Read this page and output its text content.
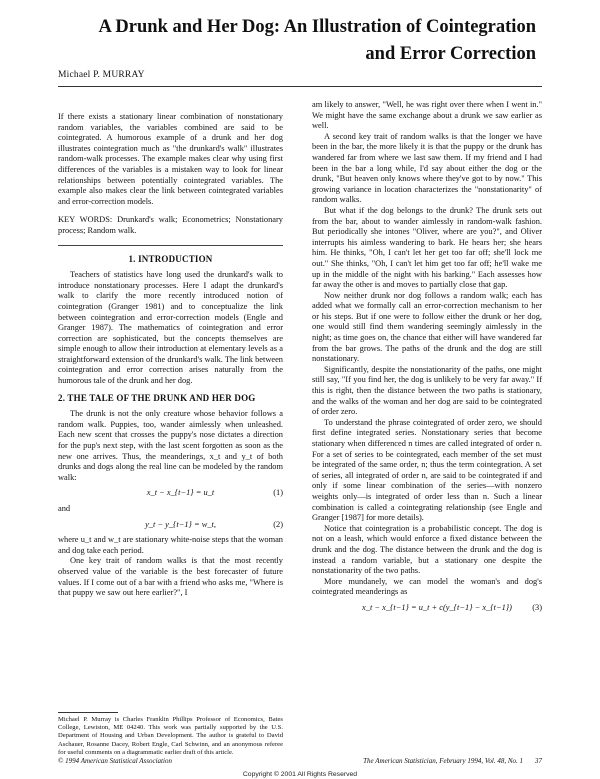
A Drunk and Her Dog: An Illustration of Cointegration and Error Correction
Michael P. MURRAY

If there exists a stationary linear combination of nonstationary random variables, the variables combined are said to be cointegrated. A humorous example of a drunk and her dog illustrates cointegration much as "the drunkard's walk" illustrates random-walk processes. The example makes clear why using first differences of the variables is a mistaken way to look for linear relationships between potentially cointegrated variables. The example also makes clear the link between cointegrated variables and error-correction models.

KEY WORDS: Drunkard's walk; Econometrics; Nonstationary process; Random walk.

1. INTRODUCTION

Teachers of statistics have long used the drunkard's walk to introduce nonstationary processes. Here I adapt the drunkard's walk to clarify the more recently introduced notion of cointegration (Granger 1981) and to conceptualize the link between cointegration and error-correction models (Engle and Granger 1987). The mathematics of cointegration and error correction are sophisticated, but the concepts themselves are simple enough to allow their introduction at elementary levels as a straightforward extension of the drunkard's walk. The link between cointegration and error correction arises naturally from the humorous tale of the drunk and her dog.

2. THE TALE OF THE DRUNK AND HER DOG

The drunk is not the only creature whose behavior follows a random walk. Puppies, too, wander aimlessly when unleashed. Each new scent that crosses the puppy's nose dictates a direction for the pup's next step, with the last scent forgotten as soon as the new one arrives. Thus, the meanderings, x_t and y_t of both drunks and dogs along the real line can be modeled by the random walk:

x_t − x_{t−1} = u_t	(1)

and

y_t − y_{t−1} = w_t,	(2)

where u_t and w_t are stationary white-noise steps that the woman and dog take each period.

One key trait of random walks is that the most recently observed value of the variable is the best forecaster of future values. If I come out of a bar with a friend who asks me, "Where is that puppy we saw out here earlier?", I

am likely to answer, "Well, he was right over there when I went in." We might have the same exchange about a drunk we saw earlier as well.

A second key trait of random walks is that the longer we have been in the bar, the more likely it is that the puppy or the drunk has wandered far from where we last saw them. If my friend and I had been in the bar a long while, I'd say about either the dog or the drunk, "But heaven only knows where they've got to by now." This growing variance in location characterizes the "nonstationarity" of random walks.

But what if the dog belongs to the drunk? The drunk sets out from the bar, about to wander aimlessly in random-walk fashion. But periodically she intones "Oliver, where are you?", and Oliver interrupts his aimless wandering to bark. He hears her; she hears him. He thinks, "Oh, I can't let her get too far off; she'll lock me out." She thinks, "Oh, I can't let him get too far off; he'll wake me up in the middle of the night with his barking." Each assesses how far away the other is and moves to partially close that gap.

Now neither drunk nor dog follows a random walk; each has added what we formally call an error-correction mechanism to her or his steps. But if one were to follow either the drunk or her dog, one would still find them wandering seemingly aimlessly in the night; as time goes on, the chance that either will have wandered far from the bar grows. The paths of the drunk and the dog are still nonstationary.

Significantly, despite the nonstationarity of the paths, one might still say, "If you find her, the dog is unlikely to be very far away." If this is right, then the distance between the two paths is stationary, and the walks of the woman and her dog are said to be cointegrated of order zero.

To understand the phrase cointegrated of order zero, we should first define integrated series. Nonstationary series that become stationary when differenced n times are called integrated of order n. For a set of series to be cointegrated, each member of the set must be integrated of the same order, n; thus the term cointegration. A set of series, all integrated of order n, are said to be cointegrated if and only if some linear combination of the series—with nonzero weights only—is integrated of order less than n. Such a linear combination is called a cointegrating relationship (see Engle and Granger [1987] for more details).

Notice that cointegration is a probabilistic concept. The dog is not on a leash, which would enforce a fixed distance between the drunk and the dog. The distance between the drunk and the dog is instead a random variable, but a stationary one despite the nonstationarity of the two paths.

More mundanely, we can model the woman's and dog's cointegrated meanderings as

x_t − x_{t−1} = u_t + c(y_{t−1} − x_{t−1})	(3)
Michael P. Murray is Charles Franklin Phillips Professor of Economics, Bates College, Lewiston, ME 04240. This work was partially supported by the U.S. Department of Housing and Urban Development. The author is grateful to David Aschauer, Rosanne Dacey, Robert Engle, Carl Schwinn, and an anonymous referee for useful comments on a diagrammatic earlier draft of this article.
© 1994 American Statistical Association	The American Statistician, February 1994, Vol. 48, No. 1 37
Copyright © 2001 All Rights Reserved
